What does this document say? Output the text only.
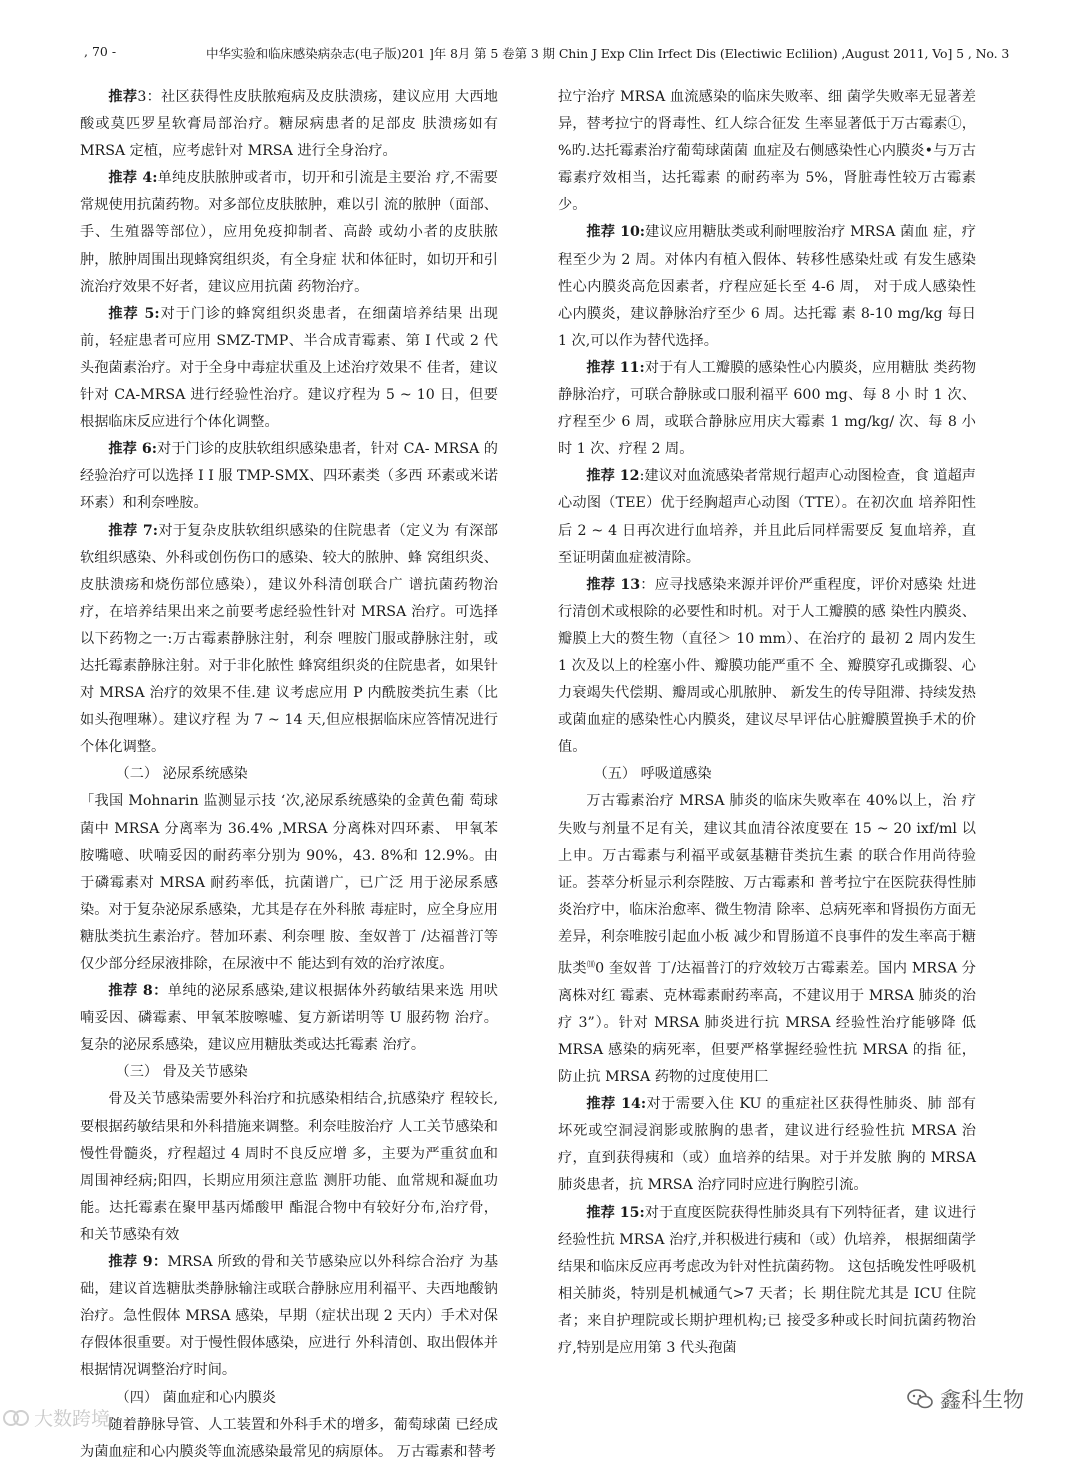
, 70 -	中华实验和临床感染病杂志(电子版)201 ]年 8月 第 5 卷第 3 期 Chin J Exp Clin Irfect Dis (Electiwic Eclilion) ,August 2011, Vo] 5 , No. 3

推荐3：社区获得性皮肤脓疱病及皮肤溃疡，建议应用 大西地酸或莫匹罗星软膏局部治疗。糖尿病患者的足部皮 肤溃疡如有 MRSA 定植，应考虑针对 MRSA 进行全身治疗。

推荐 4:单纯皮肤脓肿或者市，切开和引流是主要治 疗,不需要常规使用抗菌药物。对多部位皮肤脓肿，难以引 流的脓肿（面部、手、生殖器等部位），应用免疫抑制者、高龄 或幼小者的皮肤脓肿，脓肿周围出现蜂窝组织炎，有全身症 状和体征时，如切开和引流治疗效果不好者，建议应用抗菌 药物治疗。

推荐 5:对于门诊的蜂窝组织炎患者，在细菌培养结果 出现前，轻症患者可应用 SMZ-TMP、半合成青霉素、第 I 代或 2 代头孢菌素治疗。对于全身中毒症状重及上述治疗效果不 佳者，建议针对 CA-MRSA 进行经验性治疗。建议疗程为 5 ~ 10 日，但要根据临床反应进行个体化调整。

推荐 6:对于门诊的皮肤软组织感染患者，针对 CA- MRSA 的经验治疗可以选择 I I 服 TMP-SMX、四环素类（多西 环素或米诺环素）和利奈唑胺。

推荐 7:对于复杂皮肤软组织感染的住院患者（定义为 有深部软组织感染、外科或创伤伤口的感染、较大的脓肿、蜂 窝组织炎、皮肤溃疡和烧伤部位感染），建议外科清创联合广 谱抗菌药物治疗，在培养结果出来之前要考虑经验性针对 MRSA 治疗。可选择以下药物之一:万古霉素静脉注射，利奈 哩胺门服或静脉注射，或达托霉素静脉注射。对于非化脓性 蜂窝组织炎的住院患者，如果针对 MRSA 治疗的效果不佳.建 议考虑应用 P 内酰胺类抗生素（比如头孢哩琳）。建议疗程 为 7 ~ 14 天,但应根据临床应答情况进行个体化调整。

（二） 泌尿系统感染

「我国 Mohnarin 监测显示技 ‘次,泌尿系统感染的金黄色葡 萄球菌中 MRSA 分离率为 36.4% ,MRSA 分离株对四环素、 甲氧苯胺嘴噫、吠喃妥因的耐药率分别为 90%，43. 8%和 12.9%。由于磷霉素对 MRSA 耐药率低，抗菌谱广，已广泛 用于泌尿系感染。对于复杂泌尿系感染，尤其是存在外科脓 毒症时，应全身应用糖肽类抗生素治疗。替加环素、利奈哩 胺、奎奴普丁 /达福普汀等仅少部分经尿液排除，在尿液中不 能达到有效的治疗浓度。

推荐 8：单纯的泌尿系感染,建议根据体外药敏结果来选 用吠喃妥因、磷霉素、甲氧苯胺嚓嘘、复方新诺明等 U 服药物 治疗。复杂的泌尿系感染，建议应用糖肽类或达托霉素 治疗。

（三） 骨及关节感染

骨及关节感染需要外科治疗和抗感染相结合,抗感染疗 程较长,要根据药敏结果和外科措施来调整。利奈哇胺治疗 人工关节感染和慢性骨髓炎，疗程超过 4 周时不良反应增 多，主要为严重贫血和周围神经病;阳四，长期应用须注意监 测肝功能、血常规和凝血功能。达托霉素在聚甲基丙烯酸甲 酯混合物中有较好分布,治疗骨，和关节感染有效

推荐 9：MRSA 所致的骨和关节感染应以外科综合治疗 为基础，建议首选糖肽类静脉输注或联合静脉应用利福平、夫西地酸钠治疗。急性假体 MRSA 感染，早期（症状出现 2 天内）手术对保存假体很重要。对于慢性假体感染，应进行 外科清创、取出假体并根据情况调整治疗时间。

（四） 菌血症和心内膜炎

随着静脉导管、人工装置和外科手术的增多，葡萄球菌 已经成为菌血症和心内膜炎等血流感染最常见的病原体。 万古霉素和替考

拉宁治疗 MRSA 血流感染的临床失败率、细 菌学失败率无显著差异，替考拉宁的肾毒性、红人综合征发 生率显著低于万古霉素①，%旳.达托霉素治疗葡萄球菌菌 血症及右侧感染性心内膜炎•与万古霉素疗效相当，达托霉素 的耐药率为 5%，肾脏毒性较万古霉素少。

推荐 10:建议应用糖肽类或利耐哩胺治疗 MRSA 菌血 症，疗程至少为 2 周。对体内有植入假体、转移性感染灶或 有发生感染性心内膜炎高危因素者，疗程应延长至 4-6 周， 对于成人感染性心内膜炎，建议静脉治疗至少 6 周。达托霉 素 8-10 mg/kg 每日 1 次,可以作为替代选择。

推荐 11:对于有人工瓣膜的感染性心内膜炎，应用糖肽 类药物静脉治疗，可联合静脉或口服利福平 600 mg、每 8 小 时 1 次、疗程至少 6 周，或联合静脉应用庆大霉素 1 mg/kg/ 次、每 8 小时 1 次、疗程 2 周。

推荐 12:建议对血流感染者常规行超声心动图检查，食 道超声心动图（TEE）优于经胸超声心动图（TTE）。在初次血 培养阳性后 2 ~ 4 日再次进行血培养，并且此后同样需要反 复血培养，直至证明菌血症被清除。

推荐 13：应寻找感染来源并评价严重程度，评价对感染 灶进行清创术或根除的必要性和时机。对于人工瓣膜的感 染性内膜炎、瓣膜上大的赘生物（直径＞ 10 mm）、在治疗的 最初 2 周内发生 1 次及以上的栓塞小件、瓣膜功能严重不 全、瓣膜穿孔或撕裂、心力衰竭失代偿期、瓣周或心肌脓肿、 新发生的传导阻滞、持续发热或菌血症的感染性心内膜炎，建议尽早评估心脏瓣膜置换手术的价值。

（五） 呼吸道感染

万古霉素治疗 MRSA 肺炎的临床失败率在 40%以上，治 疗失败与剂量不足有关，建议其血清谷浓度要在 15 ~ 20 ixf/ml 以上申。万古霉素与利福平或氨基糖苷类抗生素 的联合作用尚待验证。荟萃分析显示利奈陛胺、万古霉素和 普考拉宁在医院获得性肺炎治疗中，临床治愈率、微生物清 除率、总病死率和肾损伤方面无差异，利奈唯胺引起血小板 减少和胃肠道不良事件的发生率高于糖肽类⑽0 奎奴普 丁/达福普汀的疗效较万古霉素差。国内 MRSA 分离株对红 霉素、克林霉素耐药率高，不建议用于 MRSA 肺炎的治 疗 3”）。针对 MRSA 肺炎进行抗 MRSA 经验性治疗能够降 低 MRSA 感染的病死率，但要严格掌握经验性抗 MRSA 的指 征，防止抗 MRSA 药物的过度使用匚

推荐 14:对于需要入住 KU 的重症社区获得性肺炎、肺 部有坏死或空洞浸润影或脓胸的患者，建议进行经验性抗 MRSA 治疗，直到获得痍和（或）血培养的结果。对于并发脓 胸的 MRSA 肺炎患者，抗 MRSA 治疗同时应进行胸腔引流。

推荐 15:对于直度医院获得性肺炎具有下列特征者，建 议进行经验性抗 MRSA 治疗,并积极进行痍和（或）仇培养， 根据细菌学结果和临床反应再考虑改为针对性抗菌药物。 这包括晚发性呼吸机相关肺炎，特别是机械通气>7 天者；长 期住院尤其是 ICU 住院者；来自护理院或长期护理机构;已 接受多种或长时间抗菌药物治疗,特别是应用第 3 代头孢菌

大数跨境
鑫科生物
